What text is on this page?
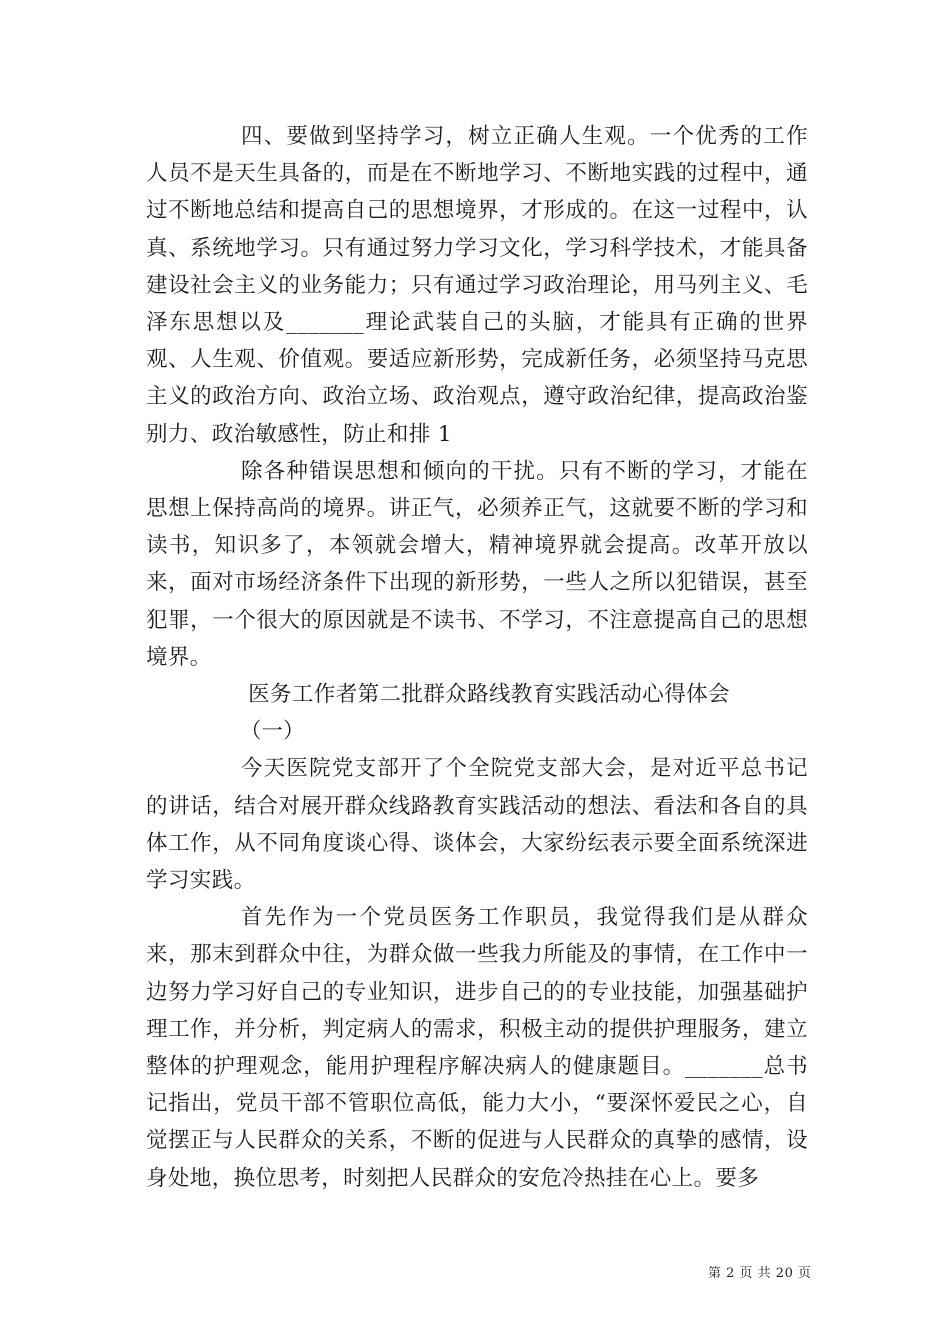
四、要做到坚持学习，树立正确人生观。一个优秀的工作人员不是天生具备的，而是在不断地学习、不断地实践的过程中，通过不断地总结和提高自己的思想境界，才形成的。在这一过程中，认真、系统地学习。只有通过努力学习文化，学习科学技术，才能具备建设社会主义的业务能力；只有通过学习政治理论，用马列主义、毛泽东思想以及_______理论武装自己的头脑，才能具有正确的世界观、人生观、价值观。要适应新形势，完成新任务，必须坚持马克思主义的政治方向、政治立场、政治观点，遵守政治纪律，提高政治鉴别力、政治敏感性，防止和排 1

除各种错误思想和倾向的干扰。只有不断的学习，才能在思想上保持高尚的境界。讲正气，必须养正气，这就要不断的学习和读书，知识多了，本领就会增大，精神境界就会提高。改革开放以来，面对市场经济条件下出现的新形势，一些人之所以犯错误，甚至犯罪，一个很大的原因就是不读书、不学习，不注意提高自己的思想境界。

医务工作者第二批群众路线教育实践活动心得体会

（一）

今天医院党支部开了个全院党支部大会，是对近平总书记的讲话，结合对展开群众线路教育实践活动的想法、看法和各自的具体工作，从不同角度谈心得、谈体会，大家纷纭表示要全面系统深进学习实践。

首先作为一个党员医务工作职员，我觉得我们是从群众来，那末到群众中往，为群众做一些我力所能及的事情，在工作中一边努力学习好自己的专业知识，进步自己的的专业技能，加强基础护理工作，并分析，判定病人的需求，积极主动的提供护理服务，建立整体的护理观念，能用护理程序解决病人的健康题目。_______总书记指出，党员干部不管职位高低，能力大小，“要深怀爱民之心，自觉摆正与人民群众的关系，不断的促进与人民群众的真挚的感情，设身处地，换位思考，时刻把人民群众的安危冷热挂在心上。要多

第 2 页 共 20 页
